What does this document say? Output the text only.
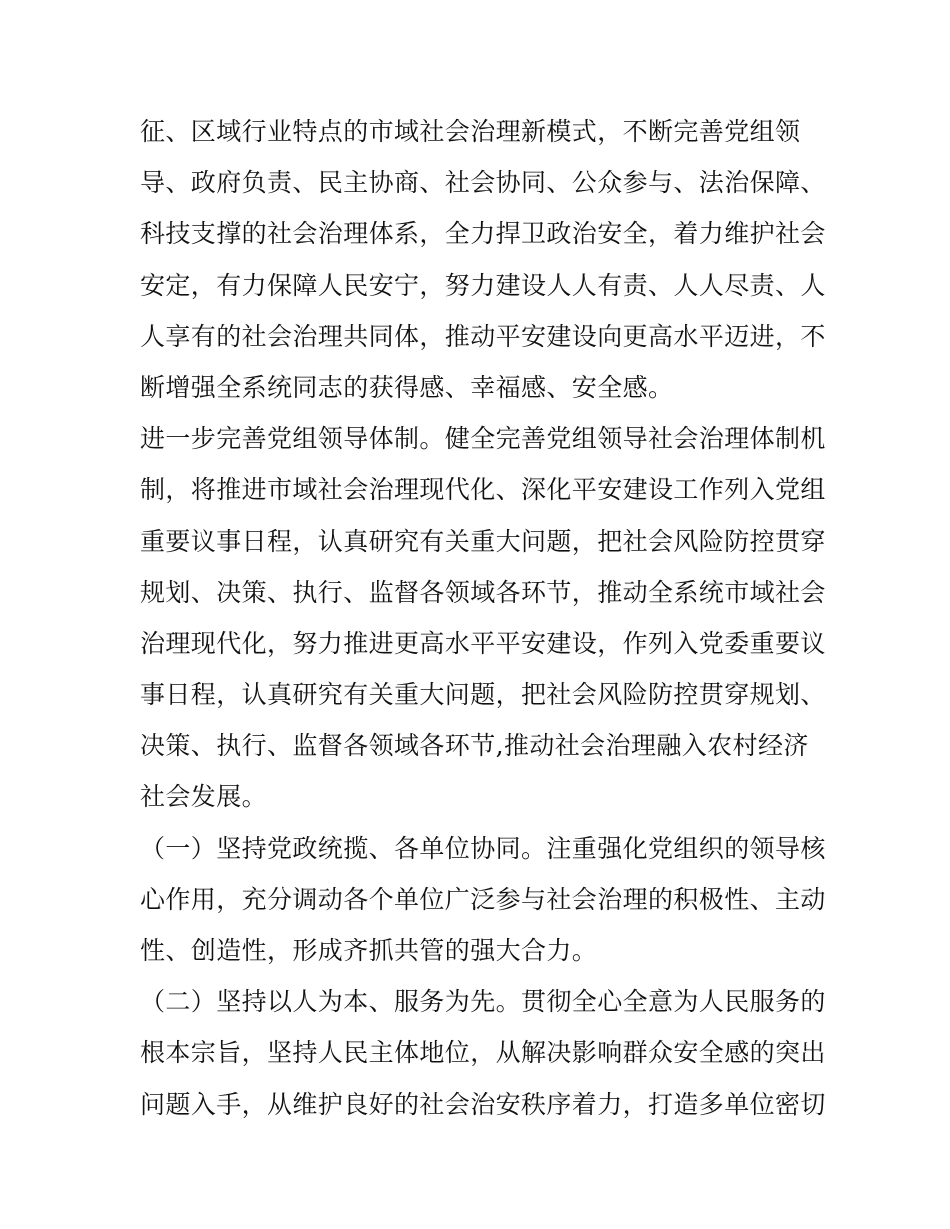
征、区域行业特点的市域社会治理新模式，不断完善党组领
导、政府负责、民主协商、社会协同、公众参与、法治保障、
科技支撑的社会治理体系，全力捍卫政治安全，着力维护社会
安定，有力保障人民安宁，努力建设人人有责、人人尽责、人
人享有的社会治理共同体，推动平安建设向更高水平迈进，不
断增强全系统同志的获得感、幸福感、安全感。
进一步完善党组领导体制。健全完善党组领导社会治理体制机
制，将推进市域社会治理现代化、深化平安建设工作列入党组
重要议事日程，认真研究有关重大问题，把社会风险防控贯穿
规划、决策、执行、监督各领域各环节，推动全系统市域社会
治理现代化，努力推进更高水平平安建设，作列入党委重要议
事日程，认真研究有关重大问题，把社会风险防控贯穿规划、
决策、执行、监督各领域各环节,推动社会治理融入农村经济
社会发展。
（一）坚持党政统揽、各单位协同。注重强化党组织的领导核
心作用，充分调动各个单位广泛参与社会治理的积极性、主动
性、创造性，形成齐抓共管的强大合力。
（二）坚持以人为本、服务为先。贯彻全心全意为人民服务的
根本宗旨，坚持人民主体地位，从解决影响群众安全感的突出
问题入手，从维护良好的社会治安秩序着力，打造多单位密切
